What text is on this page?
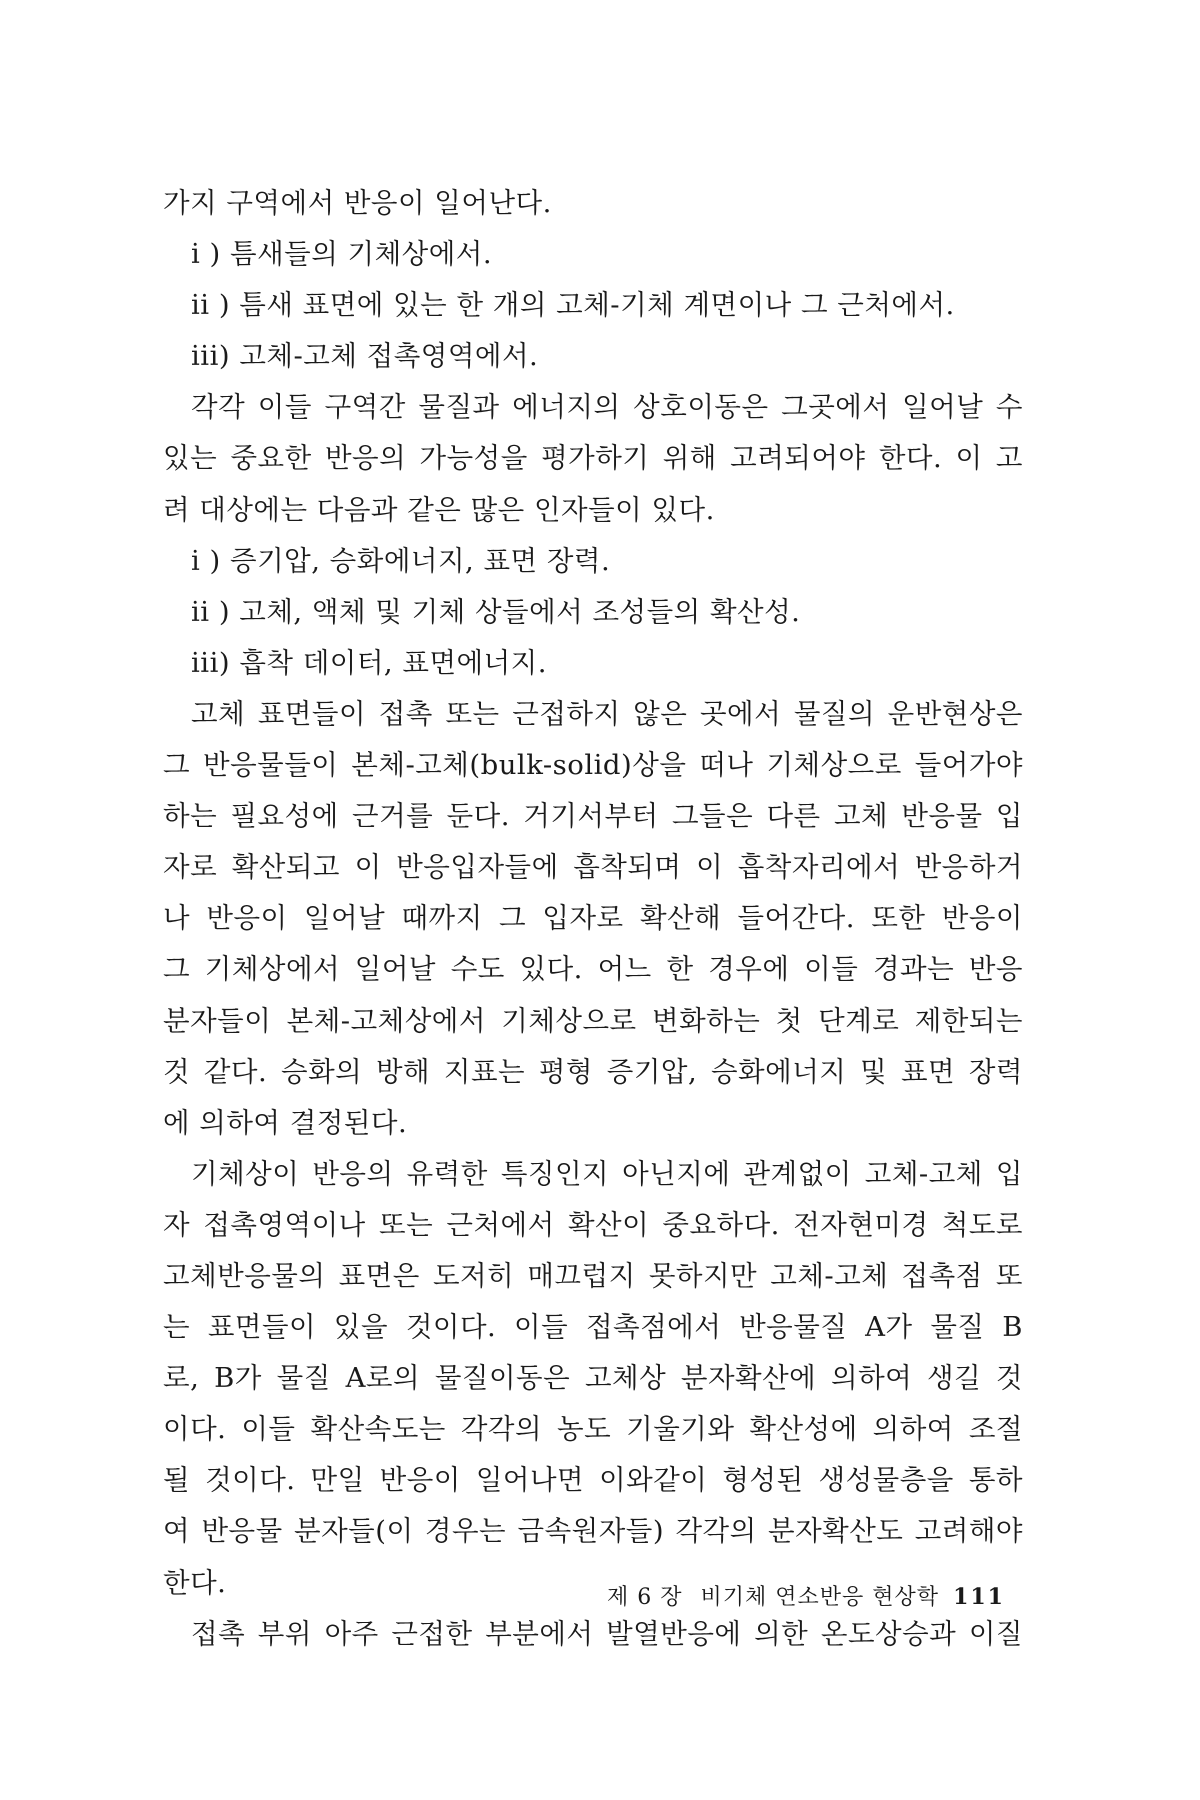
가지 구역에서 반응이 일어난다.
i ) 틈새들의 기체상에서.
ii ) 틈새 표면에 있는 한 개의 고체-기체 계면이나 그 근처에서.
iii) 고체-고체 접촉영역에서.
각각 이들 구역간 물질과 에너지의 상호이동은 그곳에서 일어날 수
있는 중요한 반응의 가능성을 평가하기 위해 고려되어야 한다. 이 고
려 대상에는 다음과 같은 많은 인자들이 있다.
i ) 증기압, 승화에너지, 표면 장력.
ii ) 고체, 액체 및 기체 상들에서 조성들의 확산성.
iii) 흡착 데이터, 표면에너지.
고체 표면들이 접촉 또는 근접하지 않은 곳에서 물질의 운반현상은
그 반응물들이 본체-고체(bulk-solid)상을 떠나 기체상으로 들어가야
하는 필요성에 근거를 둔다. 거기서부터 그들은 다른 고체 반응물 입
자로 확산되고 이 반응입자들에 흡착되며 이 흡착자리에서 반응하거
나 반응이 일어날 때까지 그 입자로 확산해 들어간다. 또한 반응이
그 기체상에서 일어날 수도 있다. 어느 한 경우에 이들 경과는 반응
분자들이 본체-고체상에서 기체상으로 변화하는 첫 단계로 제한되는
것 같다. 승화의 방해 지표는 평형 증기압, 승화에너지 및 표면 장력
에 의하여 결정된다.
기체상이 반응의 유력한 특징인지 아닌지에 관계없이 고체-고체 입
자 접촉영역이나 또는 근처에서 확산이 중요하다. 전자현미경 척도로
고체반응물의 표면은 도저히 매끄럽지 못하지만 고체-고체 접촉점 또
는 표면들이 있을 것이다. 이들 접촉점에서 반응물질 A가 물질 B
로, B가 물질 A로의 물질이동은 고체상 분자확산에 의하여 생길 것
이다. 이들 확산속도는 각각의 농도 기울기와 확산성에 의하여 조절
될 것이다. 만일 반응이 일어나면 이와같이 형성된 생성물층을 통하
여 반응물 분자들(이 경우는 금속원자들) 각각의 분자확산도 고려해야
한다.
접촉 부위 아주 근접한 부분에서 발열반응에 의한 온도상승과 이질
제 6 장 비기체 연소반응 현상학 111
